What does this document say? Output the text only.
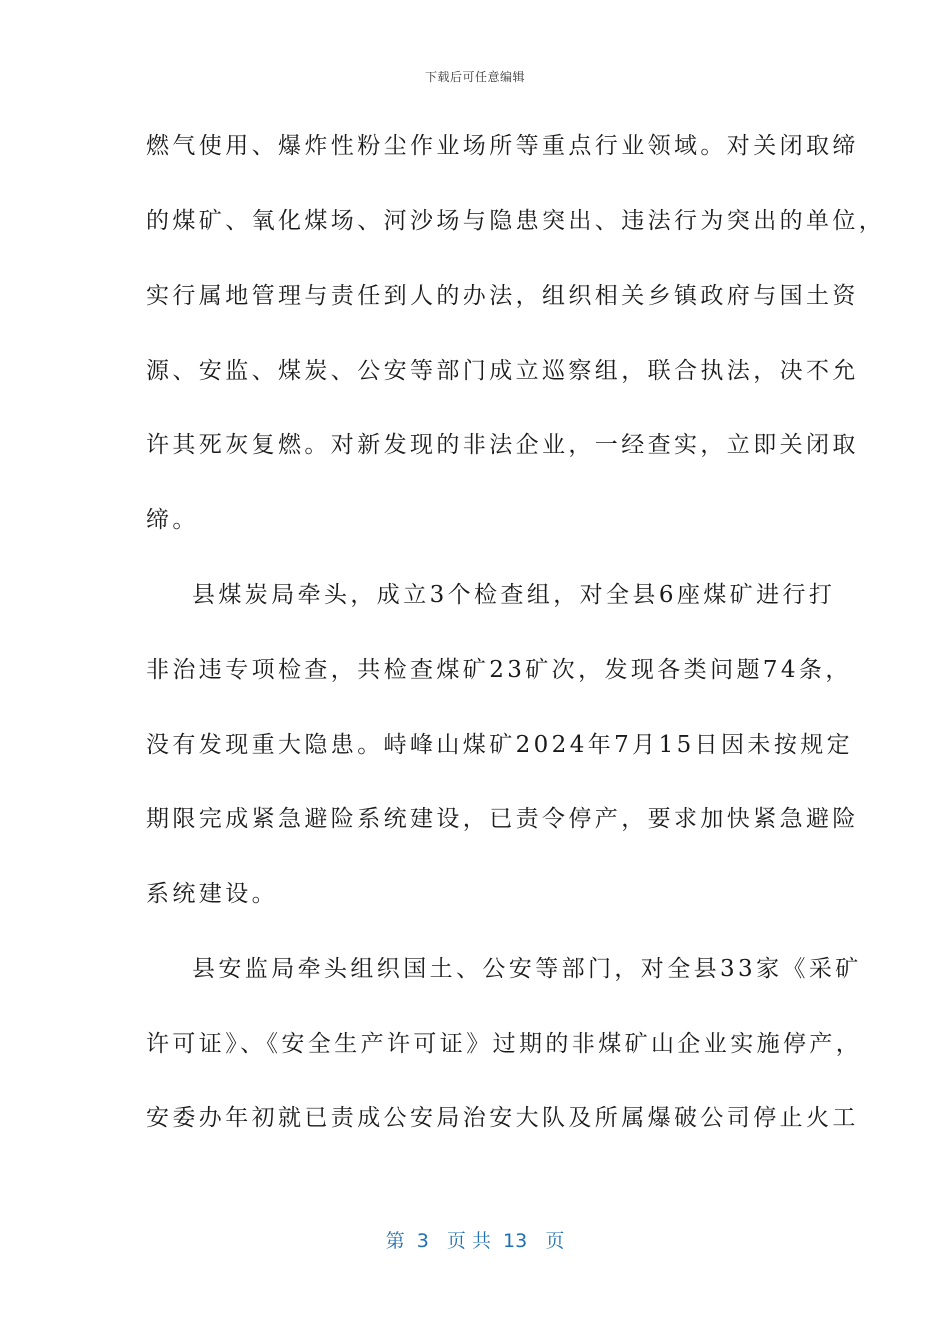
下载后可任意编辑
燃气使用、爆炸性粉尘作业场所等重点行业领域。对关闭取缔
的煤矿、氧化煤场、河沙场与隐患突出、违法行为突出的单位，
实行属地管理与责任到人的办法，组织相关乡镇政府与国土资
源、安监、煤炭、公安等部门成立巡察组，联合执法，决不允
许其死灰复燃。对新发现的非法企业，一经查实，立即关闭取
缔。
县煤炭局牵头，成立3个检查组，对全县6座煤矿进行打
非治违专项检查，共检查煤矿23矿次，发现各类问题74条，
没有发现重大隐患。峙峰山煤矿2024年7月15日因未按规定
期限完成紧急避险系统建设，已责令停产，要求加快紧急避险
系统建设。
县安监局牵头组织国土、公安等部门，对全县33家《采矿
许可证》、《安全生产许可证》过期的非煤矿山企业实施停产，
安委办年初就已责成公安局治安大队及所属爆破公司停止火工
第  3   页 共  13   页
